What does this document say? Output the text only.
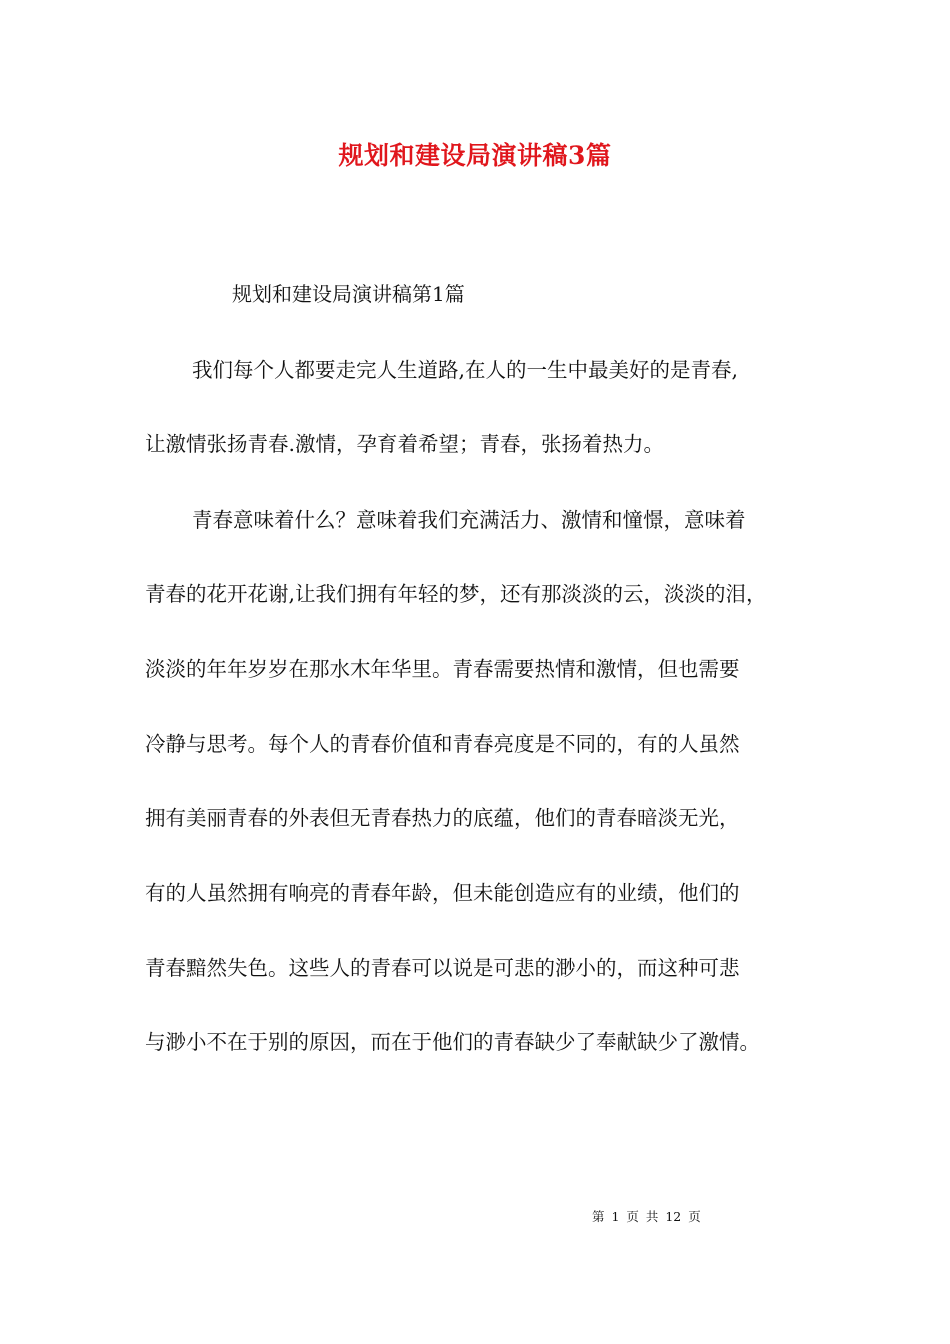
规划和建设局演讲稿3篇
规划和建设局演讲稿第1篇
我们每个人都要走完人生道路,在人的一生中最美好的是青春,
让激情张扬青春.激情，孕育着希望；青春，张扬着热力。
青春意味着什么？意味着我们充满活力、激情和憧憬，意味着
青春的花开花谢,让我们拥有年轻的梦，还有那淡淡的云，淡淡的泪，
淡淡的年年岁岁在那水木年华里。青春需要热情和激情，但也需要
冷静与思考。每个人的青春价值和青春亮度是不同的，有的人虽然
拥有美丽青春的外表但无青春热力的底蕴，他们的青春暗淡无光，
有的人虽然拥有响亮的青春年龄，但未能创造应有的业绩，他们的
青春黯然失色。这些人的青春可以说是可悲的渺小的，而这种可悲
与渺小不在于别的原因，而在于他们的青春缺少了奉献缺少了激情。
第 1 页 共 12 页
